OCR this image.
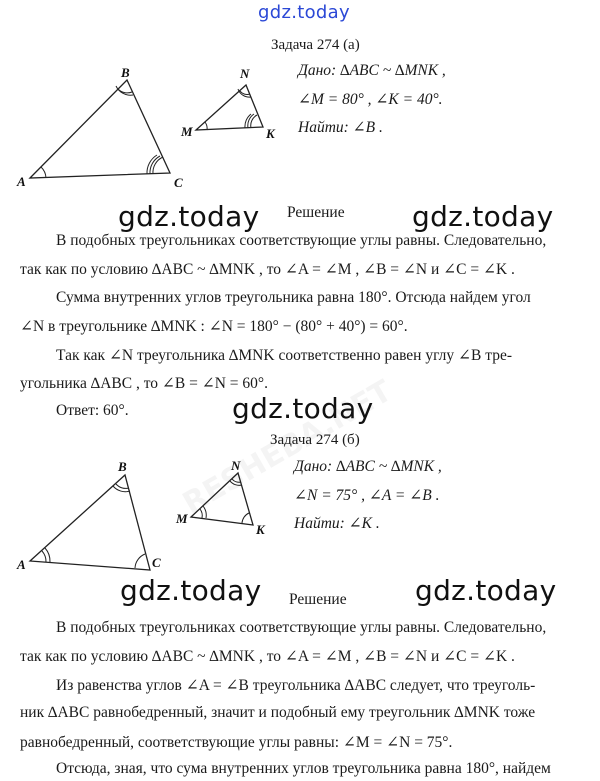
gdz.today
Задача 274 (а)
A
B
C
M
N
K
Дано: ∆ABC ~ ∆MNK ,
∠M = 80° , ∠K = 40°.
Найти: ∠B .
gdz.today Решение gdz.today
В подобных треугольниках соответствующие углы равны. Следовательно,
так как по условию ∆ABC ~ ∆MNK , то ∠A = ∠M , ∠B = ∠N и ∠C = ∠K .
Сумма внутренних углов треугольника равна 180°. Отсюда найдем угол
∠N в треугольнике ∆MNK : ∠N = 180° − (80° + 40°) = 60°.
Так как ∠N треугольника ∆MNK соответственно равен углу ∠B тре-
угольника ∆ABC , то ∠B = ∠N = 60°.
gdz.today
Ответ: 60°.
Задача 274 (б)
A
B
C
M
N
K
Дано: ∆ABC ~ ∆MNK ,
∠N = 75° , ∠A = ∠B .
Найти: ∠K .
gdz.today Решение gdz.today
В подобных треугольниках соответствующие углы равны. Следовательно,
так как по условию ∆ABC ~ ∆MNK , то ∠A = ∠M , ∠B = ∠N и ∠C = ∠K .
Из равенства углов ∠A = ∠B треугольника ∆ABC следует, что треуголь-
ник ∆ABC равнобедренный, значит и подобный ему треугольник ∆MNK тоже
равнобедренный, соответствующие углы равны: ∠M = ∠N = 75°.
Отсюда, зная, что сума внутренних углов треугольника равна 180°, найдем
